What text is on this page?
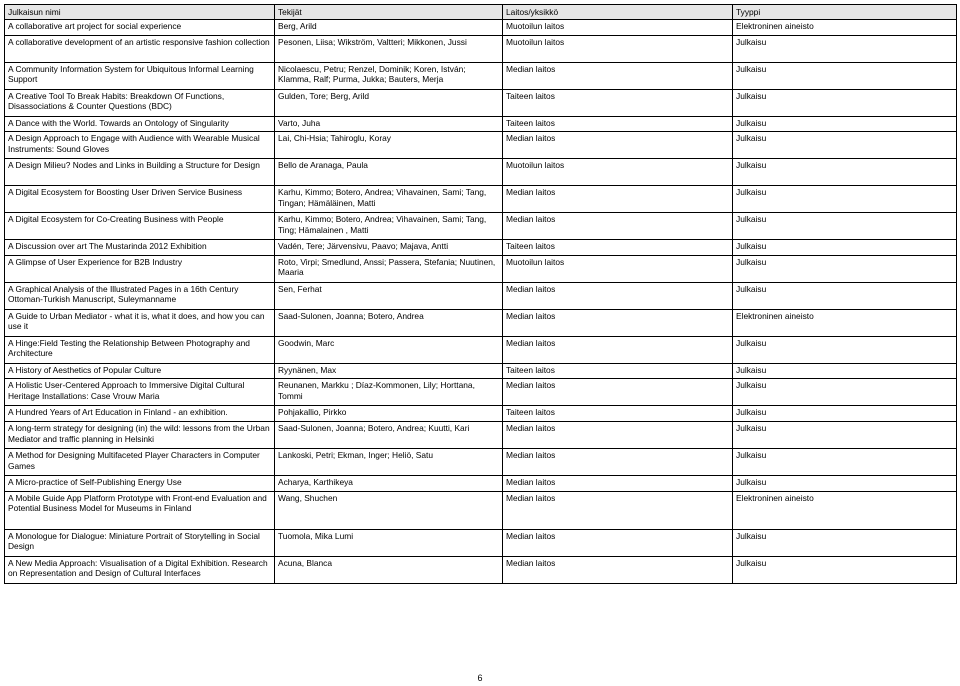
Julkaisun nimi	Tekijät	Laitos/yksikkö	Tyyppi
A collaborative art project for social experience	Berg, Arild	Muotoilun laitos	Elektroninen aineisto
A collaborative development of an artistic responsive fashion collection	Pesonen, Liisa; Wikström, Valtteri; Mikkonen, Jussi	Muotoilun laitos	Julkaisu
A Community Information System for Ubiquitous Informal Learning Support	Nicolaescu, Petru; Renzel, Dominik; Koren, István; Klamma, Ralf; Purma, Jukka; Bauters, Merja	Median laitos	Julkaisu
A Creative Tool To Break Habits: Breakdown Of Functions, Disassociations & Counter Questions (BDC)	Gulden, Tore; Berg, Arild	Taiteen laitos	Julkaisu
A Dance with the World. Towards an Ontology of Singularity	Varto, Juha	Taiteen laitos	Julkaisu
A Design Approach to Engage with Audience with Wearable Musical Instruments: Sound Gloves	Lai, Chi-Hsia; Tahiroglu, Koray	Median laitos	Julkaisu
A Design Milieu? Nodes and Links in Building a Structure for Design	Bello de Aranaga, Paula	Muotoilun laitos	Julkaisu
A Digital Ecosystem for Boosting User Driven Service Business	Karhu, Kimmo; Botero, Andrea; Vihavainen, Sami; Tang, Tingan; Hämäläinen, Matti	Median laitos	Julkaisu
A Digital Ecosystem for Co-Creating Business with People	Karhu, Kimmo; Botero, Andrea; Vihavainen, Sami; Tang, Ting; Hämalainen , Matti	Median laitos	Julkaisu
A Discussion over art The Mustarinda 2012 Exhibition	Vadén, Tere; Järvensivu, Paavo; Majava, Antti	Taiteen laitos	Julkaisu
A Glimpse of User Experience for B2B Industry	Roto, Virpi; Smedlund, Anssi; Passera, Stefania; Nuutinen, Maaria	Muotoilun laitos	Julkaisu
A Graphical Analysis of the Illustrated Pages in a 16th Century Ottoman-Turkish Manuscript, Suleymanname	Sen, Ferhat	Median laitos	Julkaisu
A Guide to Urban Mediator - what it is, what it does, and how you can use it	Saad-Sulonen, Joanna; Botero, Andrea	Median laitos	Elektroninen aineisto
A Hinge:Field Testing the Relationship Between Photography and Architecture	Goodwin, Marc	Median laitos	Julkaisu
A History of Aesthetics of Popular Culture	Ryynänen, Max	Taiteen laitos	Julkaisu
A Holistic User-Centered Approach to Immersive Digital Cultural Heritage Installations: Case Vrouw Maria	Reunanen, Markku ; Díaz-Kommonen, Lily; Horttana, Tommi	Median laitos	Julkaisu
A Hundred Years of Art Education in Finland - an exhibition.	Pohjakallio, Pirkko	Taiteen laitos	Julkaisu
A long-term strategy for designing (in) the wild: lessons from the Urban Mediator and traffic planning in Helsinki	Saad-Sulonen, Joanna; Botero, Andrea; Kuutti, Kari	Median laitos	Julkaisu
A Method for Designing Multifaceted Player Characters in Computer Games	Lankoski, Petri; Ekman, Inger; Heliö, Satu	Median laitos	Julkaisu
A Micro-practice of Self-Publishing Energy Use	Acharya, Karthikeya	Median laitos	Julkaisu
A Mobile Guide App Platform Prototype with Front-end Evaluation and Potential Business Model for Museums in Finland	Wang, Shuchen	Median laitos	Elektroninen aineisto
A Monologue for Dialogue: Miniature Portrait of Storytelling in Social Design	Tuomola, Mika Lumi	Median laitos	Julkaisu
A New Media Approach: Visualisation of a Digital Exhibition. Research on Representation and Design of Cultural Interfaces	Acuna, Blanca	Median laitos	Julkaisu
6
